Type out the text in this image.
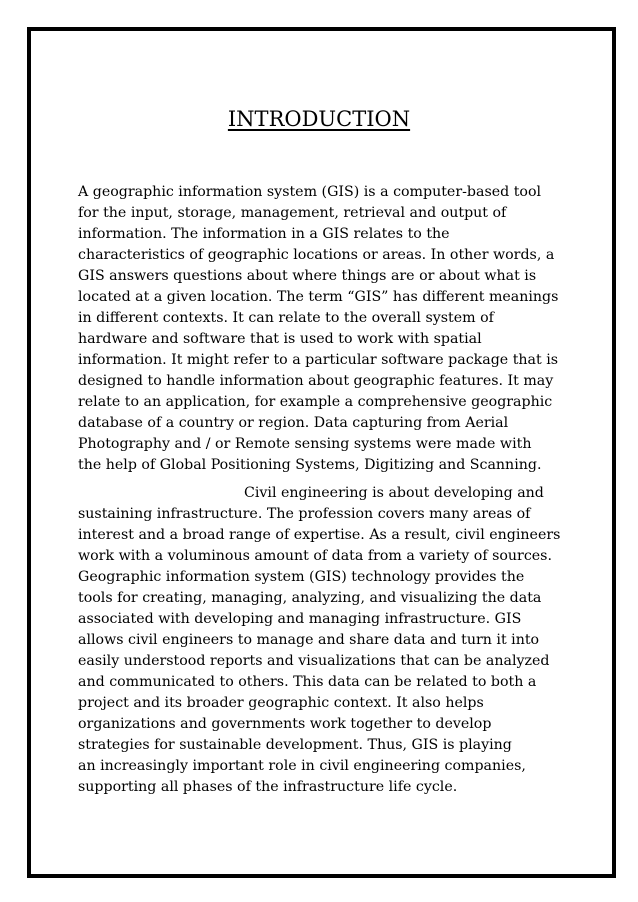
INTRODUCTION

A geographic information system (GIS) is a computer-based tool
for the input, storage, management, retrieval and output of
information. The information in a GIS relates to the
characteristics of geographic locations or areas. In other words, a
GIS answers questions about where things are or about what is
located at a given location. The term “GIS” has different meanings
in different contexts. It can relate to the overall system of
hardware and software that is used to work with spatial
information. It might refer to a particular software package that is
designed to handle information about geographic features. It may
relate to an application, for example a comprehensive geographic
database of a country or region. Data capturing from Aerial
Photography and / or Remote sensing systems were made with
the help of Global Positioning Systems, Digitizing and Scanning.

Civil engineering is about developing and
sustaining infrastructure. The profession covers many areas of
interest and a broad range of expertise. As a result, civil engineers
work with a voluminous amount of data from a variety of sources.
Geographic information system (GIS) technology provides the
tools for creating, managing, analyzing, and visualizing the data
associated with developing and managing infrastructure. GIS
allows civil engineers to manage and share data and turn it into
easily understood reports and visualizations that can be analyzed
and communicated to others. This data can be related to both a
project and its broader geographic context. It also helps
organizations and governments work together to develop
strategies for sustainable development. Thus, GIS is playing
an increasingly important role in civil engineering companies,
supporting all phases of the infrastructure life cycle.
